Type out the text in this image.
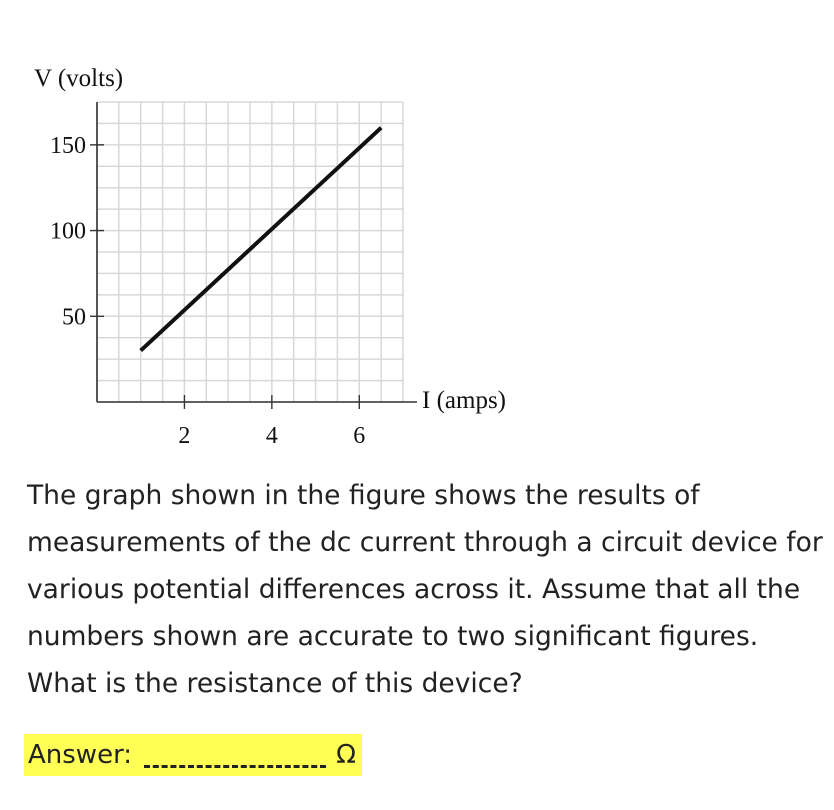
50
100
150
2	4	6
V (volts)
I (amps)

The graph shown in the figure shows the results of measurements of the dc current through a circuit device for various potential differences across it. Assume that all the numbers shown are accurate to two significant figures. What is the resistance of this device?

Answer:	Ω
